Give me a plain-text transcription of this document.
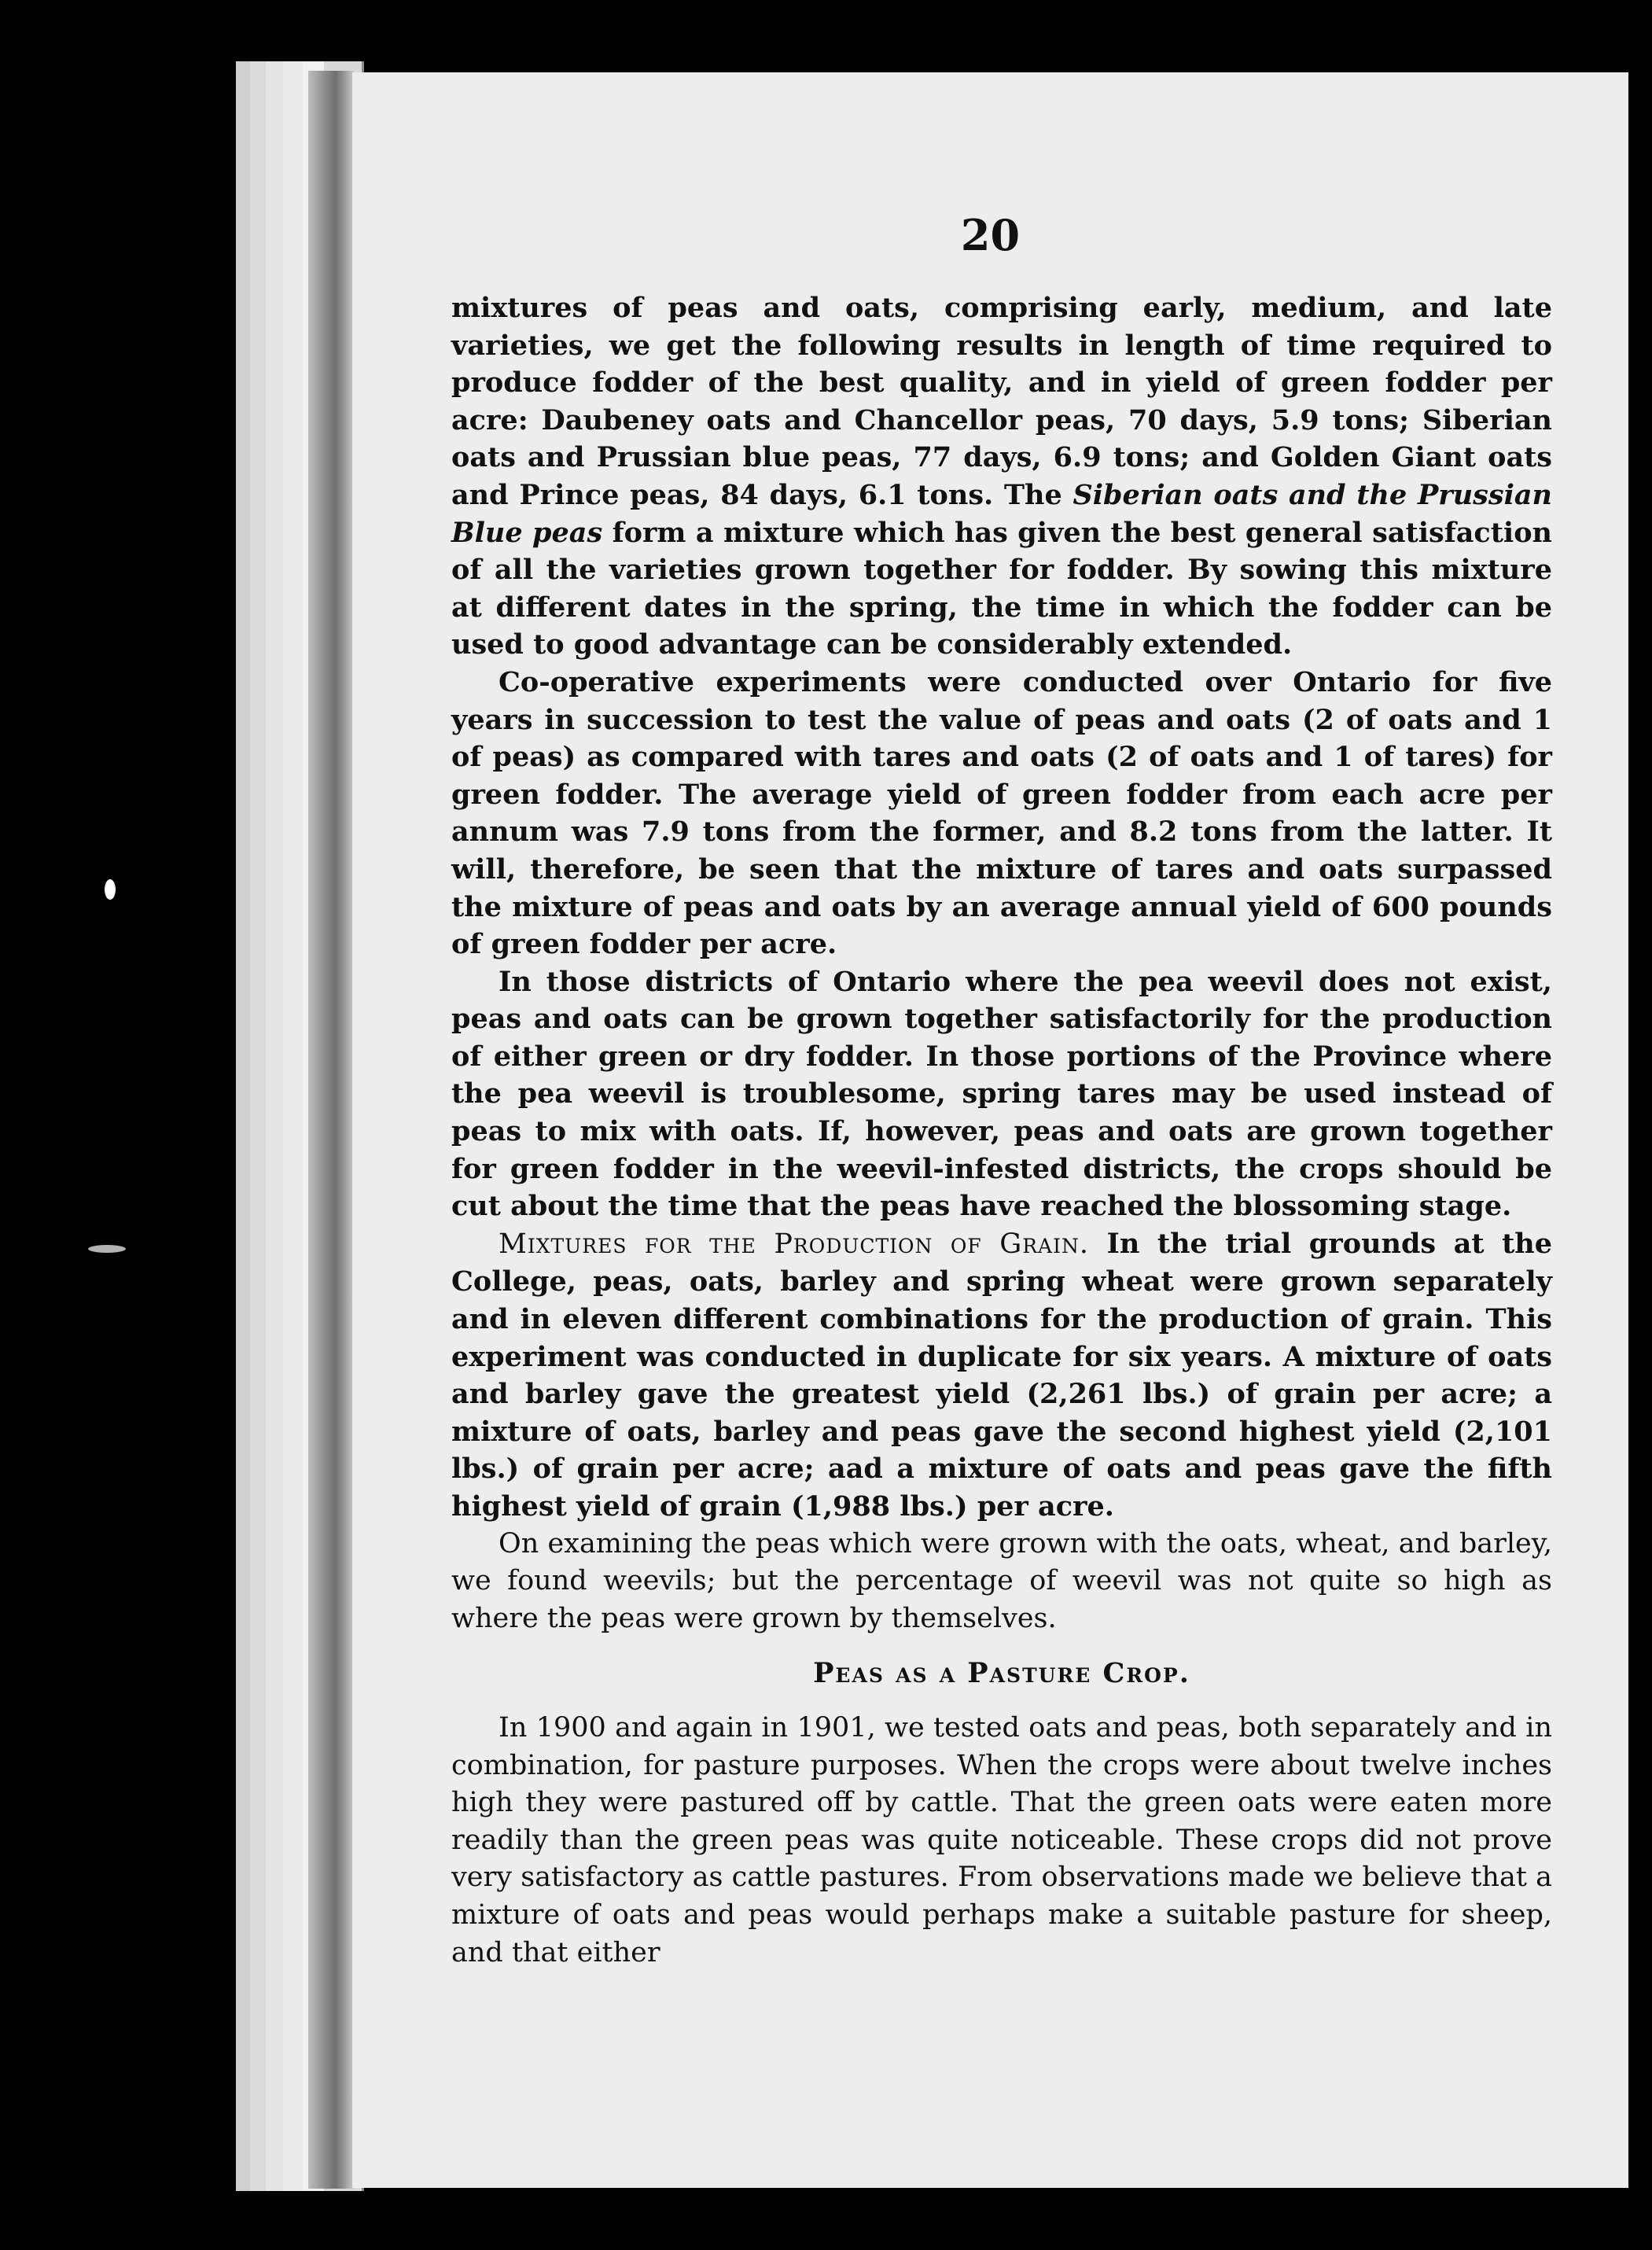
20

mixtures of peas and oats, comprising early, medium, and late varieties, we get the following results in length of time required to produce fodder of the best quality, and in yield of green fodder per acre: Daubeney oats and Chancellor peas, 70 days, 5.9 tons; Siberian oats and Prussian blue peas, 77 days, 6.9 tons; and Golden Giant oats and Prince peas, 84 days, 6.1 tons. The Siberian oats and the Prussian Blue peas form a mixture which has given the best general satisfaction of all the varieties grown together for fodder. By sowing this mixture at different dates in the spring, the time in which the fodder can be used to good advantage can be considerably extended.

Co-operative experiments were conducted over Ontario for five years in succession to test the value of peas and oats (2 of oats and 1 of peas) as compared with tares and oats (2 of oats and 1 of tares) for green fodder. The average yield of green fodder from each acre per annum was 7.9 tons from the former, and 8.2 tons from the latter. It will, therefore, be seen that the mixture of tares and oats surpassed the mixture of peas and oats by an average annual yield of 600 pounds of green fodder per acre.

In those districts of Ontario where the pea weevil does not exist, peas and oats can be grown together satisfactorily for the production of either green or dry fodder. In those portions of the Province where the pea weevil is troublesome, spring tares may be used instead of peas to mix with oats. If, however, peas and oats are grown together for green fodder in the weevil-infested districts, the crops should be cut about the time that the peas have reached the blossoming stage.

Mixtures for the Production of Grain. In the trial grounds at the College, peas, oats, barley and spring wheat were grown separately and in eleven different combinations for the production of grain. This experiment was conducted in duplicate for six years. A mixture of oats and barley gave the greatest yield (2,261 lbs.) of grain per acre; a mixture of oats, barley and peas gave the second highest yield (2,101 lbs.) of grain per acre; aad a mixture of oats and peas gave the fifth highest yield of grain (1,988 lbs.) per acre.

On examining the peas which were grown with the oats, wheat, and barley, we found weevils; but the percentage of weevil was not quite so high as where the peas were grown by themselves.

Peas as a Pasture Crop.

In 1900 and again in 1901, we tested oats and peas, both separately and in combination, for pasture purposes. When the crops were about twelve inches high they were pastured off by cattle. That the green oats were eaten more readily than the green peas was quite noticeable. These crops did not prove very satisfactory as cattle pastures. From observations made we believe that a mixture of oats and peas would perhaps make a suitable pasture for sheep, and that either
